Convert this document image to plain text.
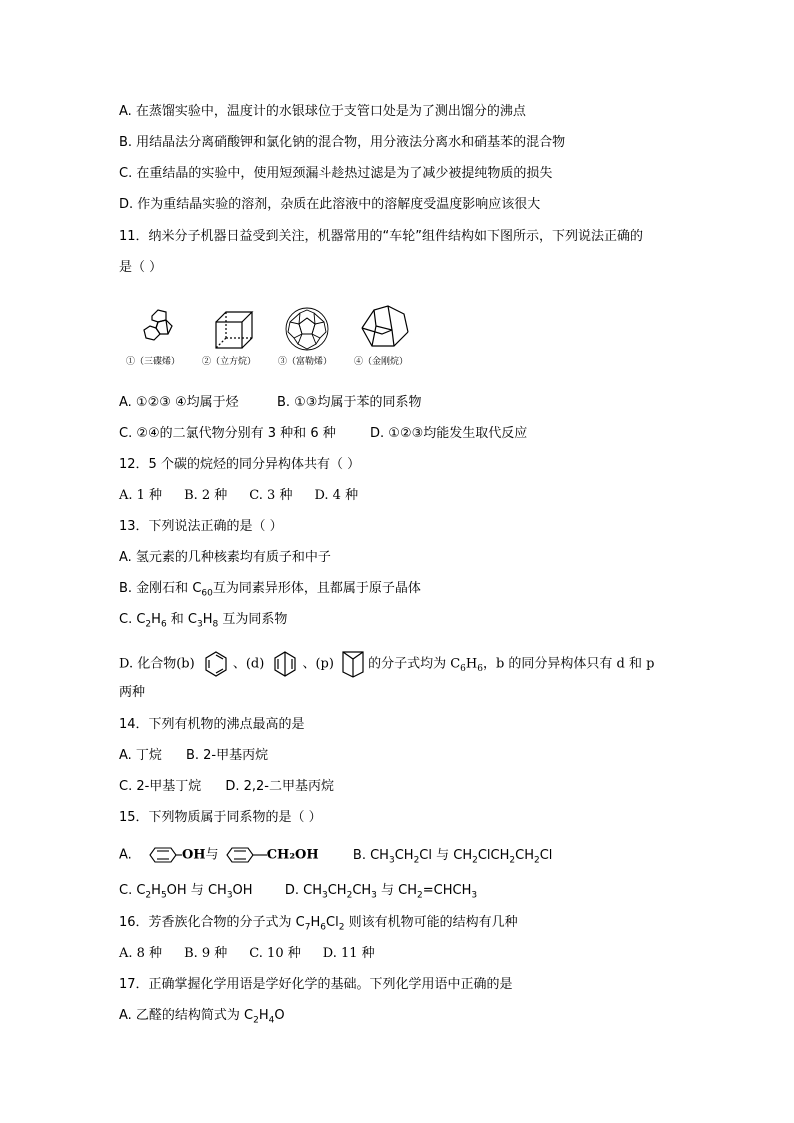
A. 在蒸馏实验中，温度计的水银球位于支管口处是为了测出馏分的沸点
B. 用结晶法分离硝酸钾和氯化钠的混合物，用分液法分离水和硝基苯的混合物
C. 在重结晶的实验中，使用短颈漏斗趁热过滤是为了减少被提纯物质的损失
D. 作为重结晶实验的溶剂，杂质在此溶液中的溶解度受温度影响应该很大
11．纳米分子机器日益受到关注，机器常用的“车轮”组件结构如下图所示，下列说法正确的
是（ ）
①（三碟烯） ②（立方烷） ③（富勒烯） ④（金刚烷）
A. ①②③ ④均属于烃	B. ①③均属于苯的同系物
C. ②④的二氯代物分别有 3 种和 6 种	D. ①②③均能发生取代反应
12．5 个碳的烷烃的同分异构体共有（ ）
A. 1 种 B. 2 种 C. 3 种 D. 4 种
13．下列说法正确的是（ ）
A. 氢元素的几种核素均有质子和中子
B. 金刚石和 $C_{60}$互为同素异形体，且都属于原子晶体
C. $C_2H_6$ 和 $C_3H_8$ 互为同系物
D. 化合物(b)	、(d)	、(p)	的分子式均为 $C_6H_6$，b 的同分异构体只有 d 和 p
两种
14．下列有机物的沸点最高的是
A. 丁烷 B. 2-甲基丙烷
C. 2-甲基丁烷 D. 2,2-二甲基丙烷
15．下列物质属于同系物的是（ ）
A.	OH与	CH₂OH	B. $CH_3CH_2Cl$ 与 $CH_2ClCH_2CH_2Cl$
C. $C_2H_5OH$ 与 $CH_3OH$ D. $CH_3CH_2CH_3$ 与 $CH_2=CHCH_3$
16．芳香族化合物的分子式为 $C_7H_6Cl_2$ 则该有机物可能的结构有几种
A. 8 种 B. 9 种 C. 10 种 D. 11 种
17．正确掌握化学用语是学好化学的基础。下列化学用语中正确的是
A. 乙醛的结构简式为 $C_2H_4O$
